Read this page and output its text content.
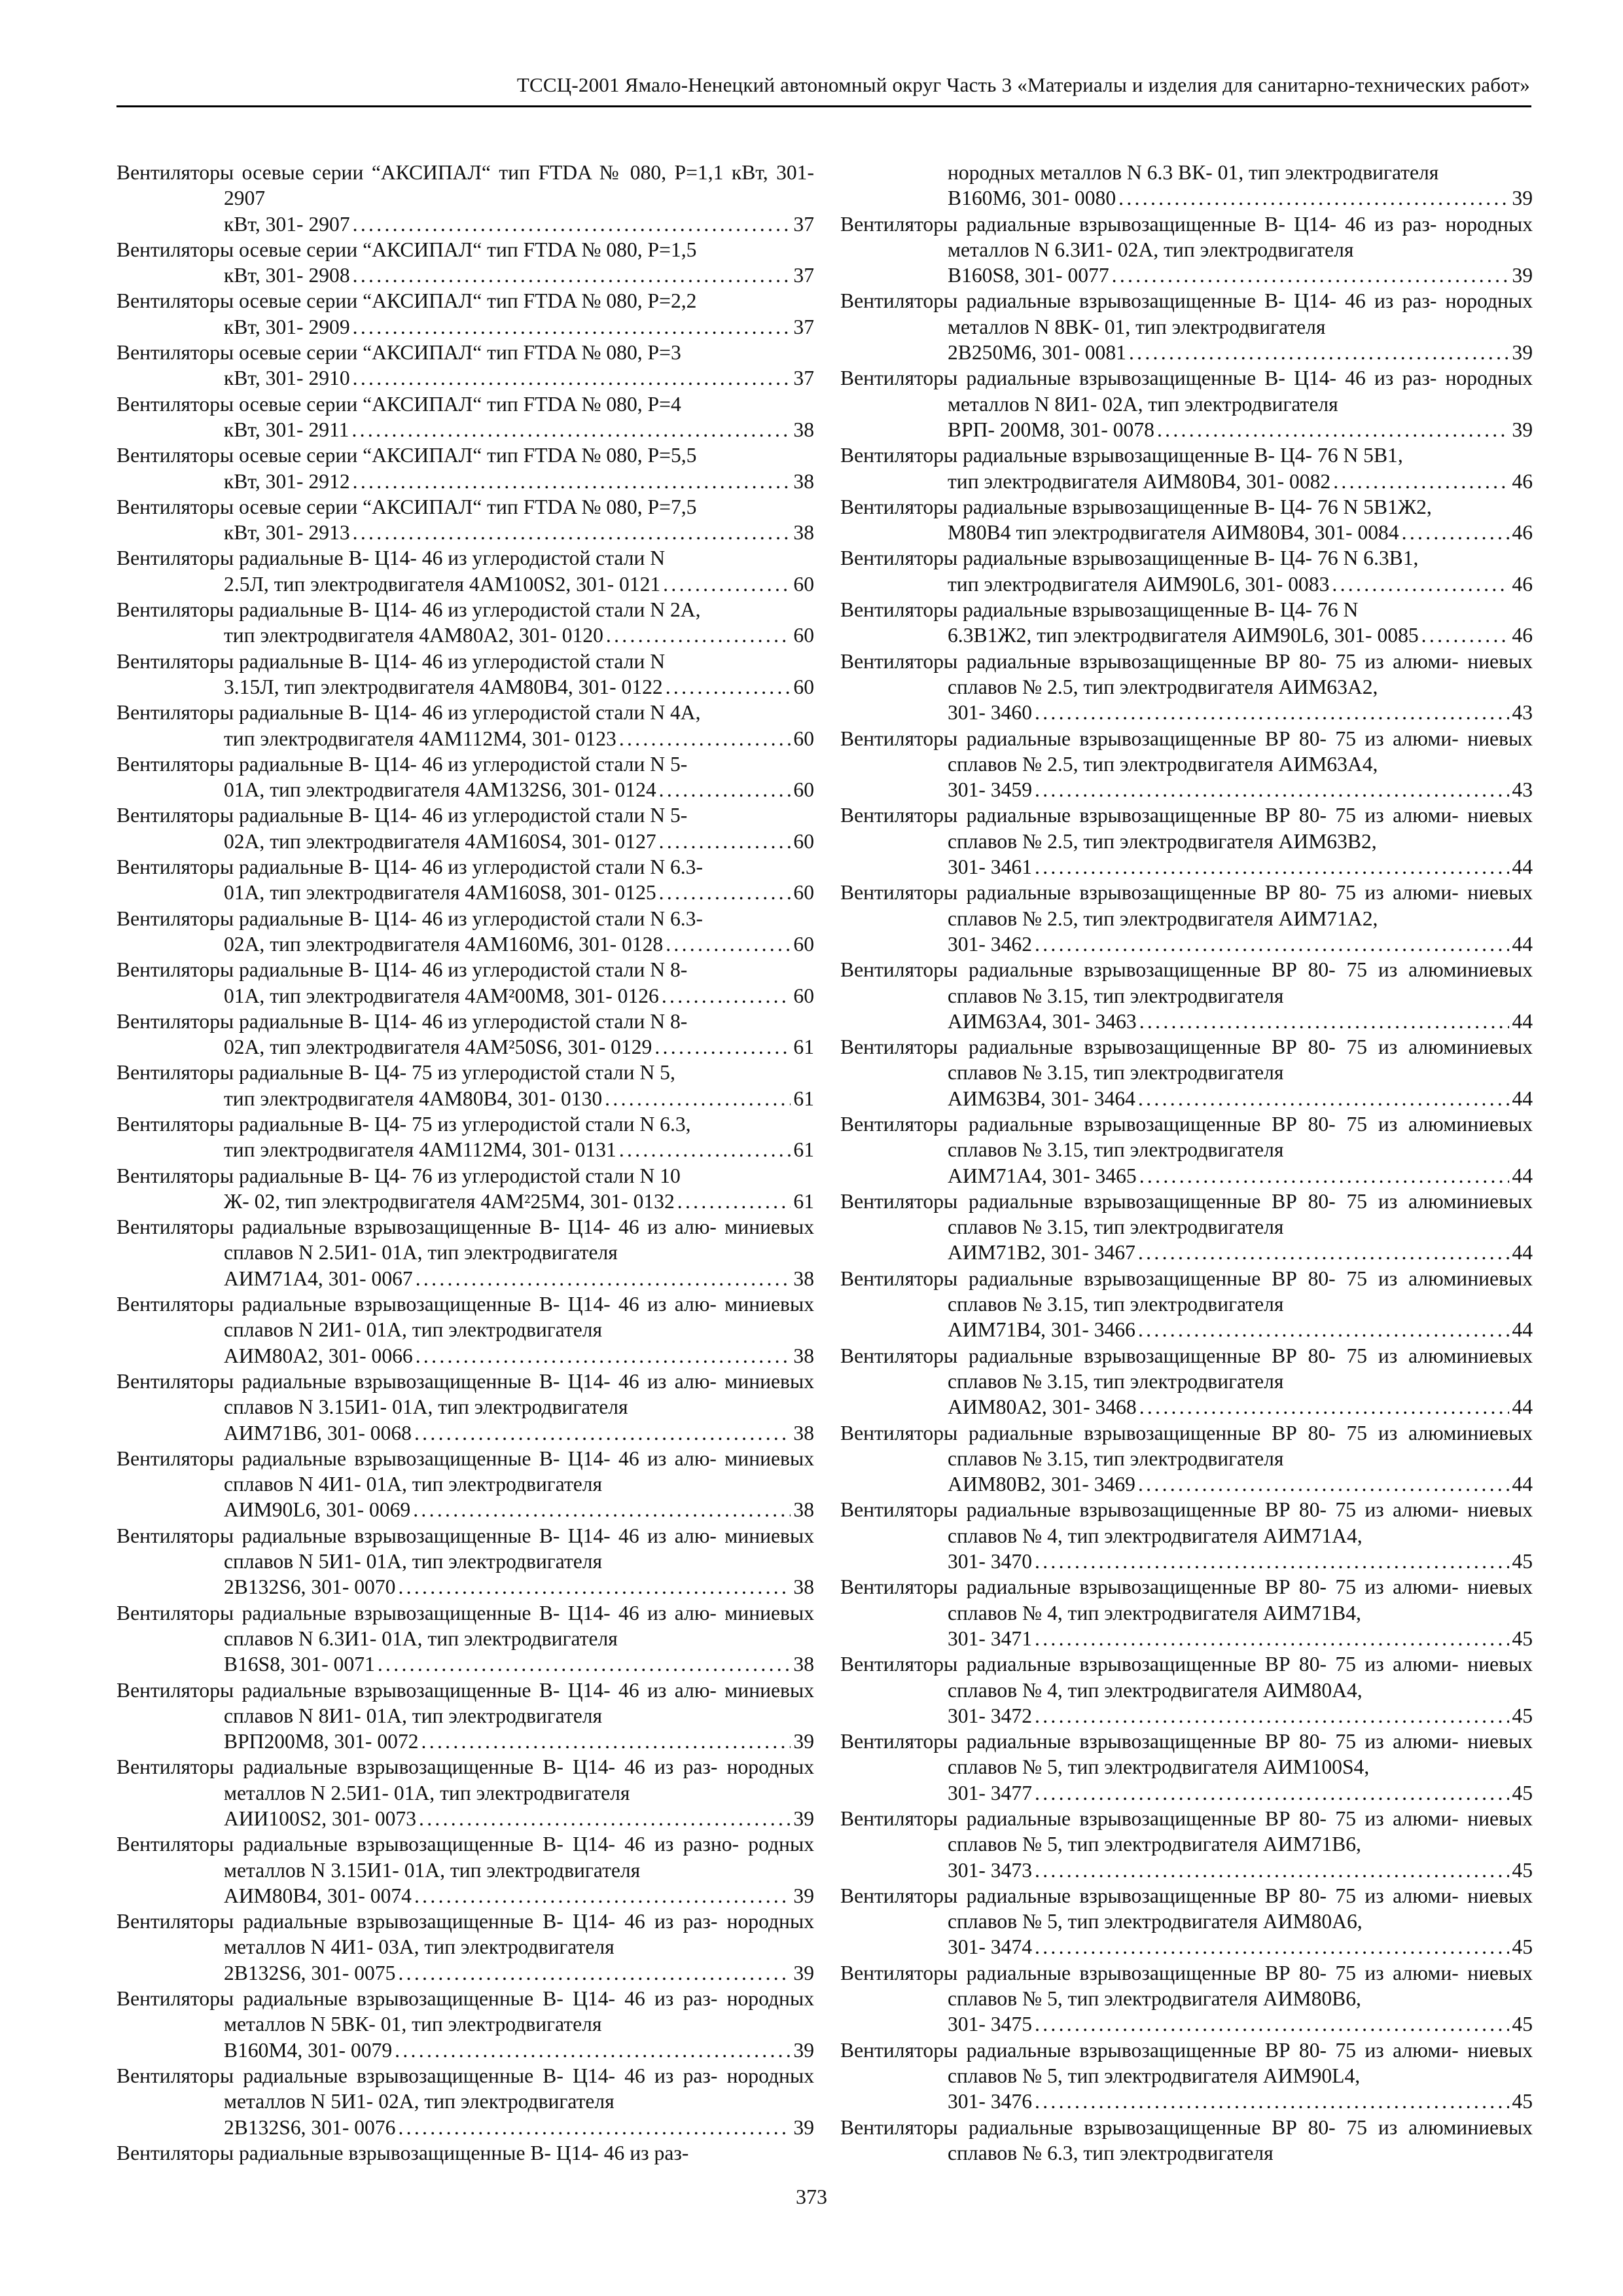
ТССЦ-2001 Ямало-Ненецкий автономный округ Часть 3 «Материалы и изделия для санитарно-технических работ»
Вентиляторы осевые серии “АКСИПАЛ“ тип FTDA № 080, P=1,1 кВт, 301- 2907
кВт, 301- 2907 .....	37
Вентиляторы осевые серии “АКСИПАЛ“ тип FTDA № 080, P=1,5
кВт, 301- 2908 .....	37
Вентиляторы осевые серии “АКСИПАЛ“ тип FTDA № 080, P=2,2
кВт, 301- 2909 .....	37
Вентиляторы осевые серии “АКСИПАЛ“ тип FTDA № 080, P=3
кВт, 301- 2910 .....	37
Вентиляторы осевые серии “АКСИПАЛ“ тип FTDA № 080, P=4
кВт, 301- 2911 .....	38
Вентиляторы осевые серии “АКСИПАЛ“ тип FTDA № 080, P=5,5
кВт, 301- 2912 .....	38
Вентиляторы осевые серии “АКСИПАЛ“ тип FTDA № 080, P=7,5
кВт, 301- 2913 .....	38
Вентиляторы радиальные В- Ц14- 46 из углеродистой стали N
2.5Л, тип электродвигателя 4АМ100S2, 301- 0121 .....	60
Вентиляторы радиальные В- Ц14- 46 из углеродистой стали N 2А,
тип электродвигателя 4АМ80А2, 301- 0120 .....	60
Вентиляторы радиальные В- Ц14- 46 из углеродистой стали N
3.15Л, тип электродвигателя 4АМ80В4, 301- 0122 .....	60
Вентиляторы радиальные В- Ц14- 46 из углеродистой стали N 4А,
тип электродвигателя 4АМ112М4, 301- 0123 .....	60
Вентиляторы радиальные В- Ц14- 46 из углеродистой стали N 5-
01А, тип электродвигателя 4АМ132S6, 301- 0124 .....	60
Вентиляторы радиальные В- Ц14- 46 из углеродистой стали N 5-
02А, тип электродвигателя 4АМ160S4, 301- 0127 .....	60
Вентиляторы радиальные В- Ц14- 46 из углеродистой стали N 6.3-
01А, тип электродвигателя 4АМ160S8, 301- 0125 .....	60
Вентиляторы радиальные В- Ц14- 46 из углеродистой стали N 6.3-
02А, тип электродвигателя 4АМ160М6, 301- 0128 .....	60
Вентиляторы радиальные В- Ц14- 46 из углеродистой стали N 8-
01А, тип электродвигателя 4АМ²00М8, 301- 0126 .....	60
Вентиляторы радиальные В- Ц14- 46 из углеродистой стали N 8-
02А, тип электродвигателя 4АМ²50S6, 301- 0129 .....	61
Вентиляторы радиальные В- Ц4- 75 из углеродистой стали N 5,
тип электродвигателя 4АМ80В4, 301- 0130 .....	61
Вентиляторы радиальные В- Ц4- 75 из углеродистой стали N 6.3,
тип электродвигателя 4АМ112М4, 301- 0131 .....	61
Вентиляторы радиальные В- Ц4- 76 из углеродистой стали N 10
Ж- 02, тип электродвигателя 4АМ²25М4, 301- 0132 .....	61
Вентиляторы радиальные взрывозащищенные В- Ц14- 46 из алю- миниевых сплавов N 2.5И1- 01А, тип электродвигателя
АИМ71А4, 301- 0067 .....	38
Вентиляторы радиальные взрывозащищенные В- Ц14- 46 из алю- миниевых сплавов N 2И1- 01А, тип электродвигателя
АИМ80А2, 301- 0066 .....	38
Вентиляторы радиальные взрывозащищенные В- Ц14- 46 из алю- миниевых сплавов N 3.15И1- 01А, тип электродвигателя
АИМ71В6, 301- 0068 .....	38
Вентиляторы радиальные взрывозащищенные В- Ц14- 46 из алю- миниевых сплавов N 4И1- 01А, тип электродвигателя
АИМ90L6, 301- 0069 .....	38
Вентиляторы радиальные взрывозащищенные В- Ц14- 46 из алю- миниевых сплавов N 5И1- 01А, тип электродвигателя
2В132S6, 301- 0070 .....	38
Вентиляторы радиальные взрывозащищенные В- Ц14- 46 из алю- миниевых сплавов N 6.3И1- 01А, тип электродвигателя
В16S8, 301- 0071 .....	38
Вентиляторы радиальные взрывозащищенные В- Ц14- 46 из алю- миниевых сплавов N 8И1- 01А, тип электродвигателя
ВРП200М8, 301- 0072 .....	39
Вентиляторы радиальные взрывозащищенные В- Ц14- 46 из раз- нородных металлов N 2.5И1- 01А, тип электродвигателя
АИИ100S2, 301- 0073 .....	39
Вентиляторы радиальные взрывозащищенные В- Ц14- 46 из разно- родных металлов N 3.15И1- 01А, тип электродвигателя
АИМ80В4, 301- 0074 .....	39
Вентиляторы радиальные взрывозащищенные В- Ц14- 46 из раз- нородных металлов N 4И1- 03А, тип электродвигателя
2В132S6, 301- 0075 .....	39
Вентиляторы радиальные взрывозащищенные В- Ц14- 46 из раз- нородных металлов N 5ВК- 01, тип электродвигателя
В160М4, 301- 0079 .....	39
Вентиляторы радиальные взрывозащищенные В- Ц14- 46 из раз- нородных металлов N 5И1- 02А, тип электродвигателя
2В132S6, 301- 0076 .....	39
Вентиляторы радиальные взрывозащищенные В- Ц14- 46 из раз-
нородных металлов N 6.3 ВК- 01, тип электродвигателя
В160М6, 301- 0080 .....	39
Вентиляторы радиальные взрывозащищенные В- Ц14- 46 из раз- нородных металлов N 6.3И1- 02А, тип электродвигателя
В160S8, 301- 0077 .....	39
Вентиляторы радиальные взрывозащищенные В- Ц14- 46 из раз- нородных металлов N 8ВК- 01, тип электродвигателя
2В250М6, 301- 0081 .....	39
Вентиляторы радиальные взрывозащищенные В- Ц14- 46 из раз- нородных металлов N 8И1- 02А, тип электродвигателя
ВРП- 200М8, 301- 0078 .....	39
Вентиляторы радиальные взрывозащищенные В- Ц4- 76 N 5В1,
тип электродвигателя АИМ80В4, 301- 0082 .....	46
Вентиляторы радиальные взрывозащищенные В- Ц4- 76 N 5В1Ж2,
М80В4 тип электродвигателя АИМ80В4, 301- 0084 .....	46
Вентиляторы радиальные взрывозащищенные В- Ц4- 76 N 6.3В1,
тип электродвигателя АИМ90L6, 301- 0083 .....	46
Вентиляторы радиальные взрывозащищенные В- Ц4- 76 N
6.3В1Ж2, тип электродвигателя АИМ90L6, 301- 0085 .....	46
Вентиляторы радиальные взрывозащищенные ВР 80- 75 из алюми- ниевых сплавов № 2.5, тип электродвигателя АИМ63А2,
301- 3460 .....	43
Вентиляторы радиальные взрывозащищенные ВР 80- 75 из алюми- ниевых сплавов № 2.5, тип электродвигателя АИМ63А4,
301- 3459 .....	43
Вентиляторы радиальные взрывозащищенные ВР 80- 75 из алюми- ниевых сплавов № 2.5, тип электродвигателя АИМ63В2,
301- 3461 .....	44
Вентиляторы радиальные взрывозащищенные ВР 80- 75 из алюми- ниевых сплавов № 2.5, тип электродвигателя АИМ71А2,
301- 3462 .....	44
Вентиляторы радиальные взрывозащищенные ВР 80- 75 из алюминиевых сплавов № 3.15, тип электродвигателя
АИМ63А4, 301- 3463 .....	44
Вентиляторы радиальные взрывозащищенные ВР 80- 75 из алюминиевых сплавов № 3.15, тип электродвигателя
АИМ63В4, 301- 3464 .....	44
Вентиляторы радиальные взрывозащищенные ВР 80- 75 из алюминиевых сплавов № 3.15, тип электродвигателя
АИМ71А4, 301- 3465 .....	44
Вентиляторы радиальные взрывозащищенные ВР 80- 75 из алюминиевых сплавов № 3.15, тип электродвигателя
АИМ71В2, 301- 3467 .....	44
Вентиляторы радиальные взрывозащищенные ВР 80- 75 из алюминиевых сплавов № 3.15, тип электродвигателя
АИМ71В4, 301- 3466 .....	44
Вентиляторы радиальные взрывозащищенные ВР 80- 75 из алюминиевых сплавов № 3.15, тип электродвигателя
АИМ80А2, 301- 3468 .....	44
Вентиляторы радиальные взрывозащищенные ВР 80- 75 из алюминиевых сплавов № 3.15, тип электродвигателя
АИМ80В2, 301- 3469 .....	44
Вентиляторы радиальные взрывозащищенные ВР 80- 75 из алюми- ниевых сплавов № 4, тип электродвигателя АИМ71А4,
301- 3470 .....	45
Вентиляторы радиальные взрывозащищенные ВР 80- 75 из алюми- ниевых сплавов № 4, тип электродвигателя АИМ71В4,
301- 3471 .....	45
Вентиляторы радиальные взрывозащищенные ВР 80- 75 из алюми- ниевых сплавов № 4, тип электродвигателя АИМ80А4,
301- 3472 .....	45
Вентиляторы радиальные взрывозащищенные ВР 80- 75 из алюми- ниевых сплавов № 5, тип электродвигателя АИМ100S4,
301- 3477 .....	45
Вентиляторы радиальные взрывозащищенные ВР 80- 75 из алюми- ниевых сплавов № 5, тип электродвигателя АИМ71В6,
301- 3473 .....	45
Вентиляторы радиальные взрывозащищенные ВР 80- 75 из алюми- ниевых сплавов № 5, тип электродвигателя АИМ80А6,
301- 3474 .....	45
Вентиляторы радиальные взрывозащищенные ВР 80- 75 из алюми- ниевых сплавов № 5, тип электродвигателя АИМ80В6,
301- 3475 .....	45
Вентиляторы радиальные взрывозащищенные ВР 80- 75 из алюми- ниевых сплавов № 5, тип электродвигателя АИМ90L4,
301- 3476 .....	45
Вентиляторы радиальные взрывозащищенные ВР 80- 75 из алюминиевых сплавов № 6.3, тип электродвигателя
373
